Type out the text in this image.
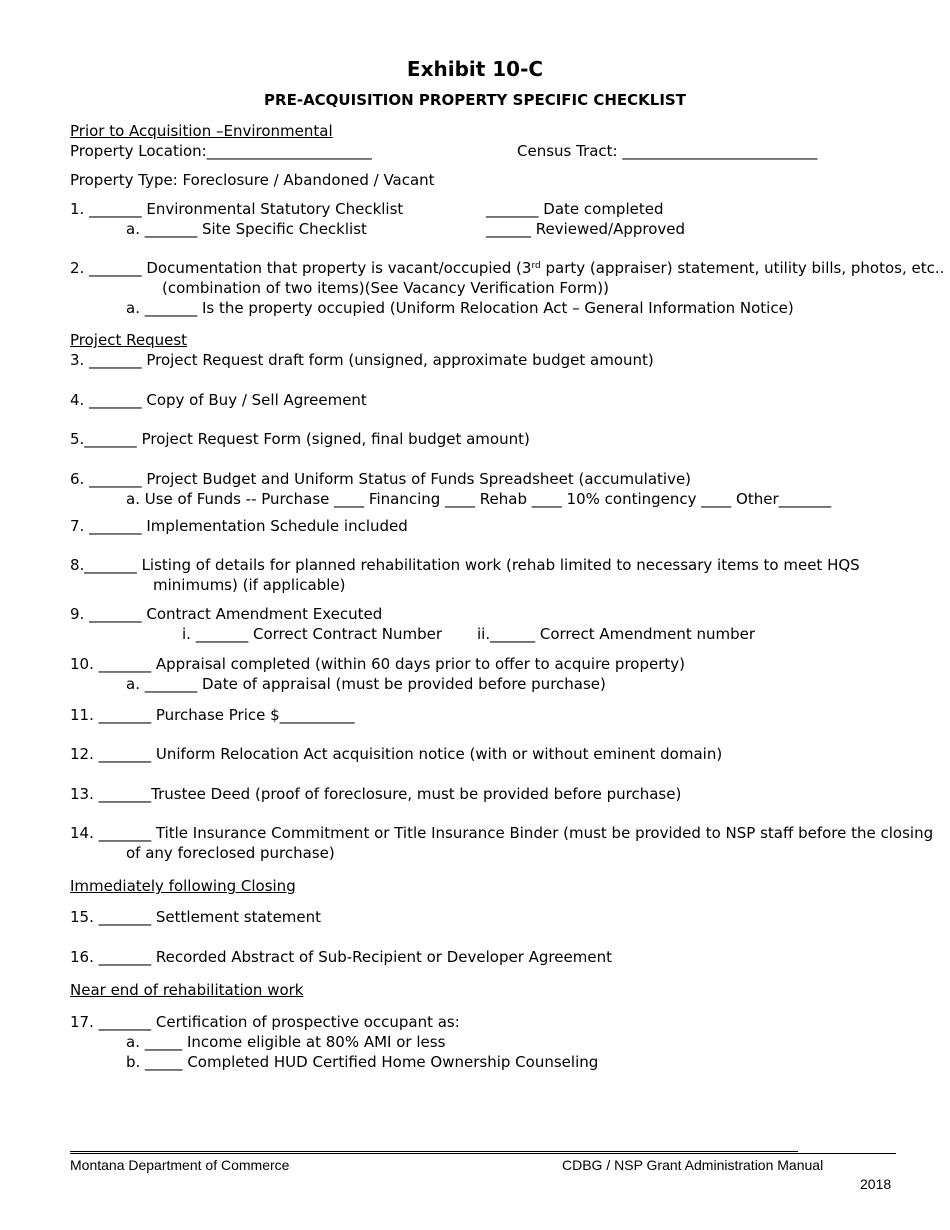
Exhibit 10-C
PRE-ACQUISITION PROPERTY SPECIFIC CHECKLIST
Prior to Acquisition –Environmental
Property Location:______________________	Census Tract: __________________________
Property Type: Foreclosure / Abandoned / Vacant
1. _______ Environmental Statutory Checklist	_______ Date completed
a. _______ Site Specific Checklist	______ Reviewed/Approved
2. _______ Documentation that property is vacant/occupied (3rd party (appraiser) statement, utility bills, photos, etc..
(combination of two items)(See Vacancy Verification Form))
a. _______ Is the property occupied (Uniform Relocation Act – General Information Notice)
Project Request
3. _______ Project Request draft form (unsigned, approximate budget amount)
4. _______ Copy of Buy / Sell Agreement
5._______ Project Request Form (signed, final budget amount)
6. _______ Project Budget and Uniform Status of Funds Spreadsheet (accumulative)
a. Use of Funds -- Purchase ____ Financing ____ Rehab ____ 10% contingency ____ Other_______
7. _______ Implementation Schedule included
8._______ Listing of details for planned rehabilitation work (rehab limited to necessary items to meet HQS
minimums) (if applicable)
9. _______ Contract Amendment Executed
i. _______ Correct Contract Number ii.______ Correct Amendment number
10. _______ Appraisal completed (within 60 days prior to offer to acquire property)
a. _______ Date of appraisal (must be provided before purchase)
11. _______ Purchase Price $__________
12. _______ Uniform Relocation Act acquisition notice (with or without eminent domain)
13. _______Trustee Deed (proof of foreclosure, must be provided before purchase)
14. _______ Title Insurance Commitment or Title Insurance Binder (must be provided to NSP staff before the closing
of any foreclosed purchase)
Immediately following Closing
15. _______ Settlement statement
16. _______ Recorded Abstract of Sub-Recipient or Developer Agreement
Near end of rehabilitation work
17. _______ Certification of prospective occupant as:
a. _____ Income eligible at 80% AMI or less
b. _____ Completed HUD Certified Home Ownership Counseling
Montana Department of Commerce	CDBG / NSP Grant Administration Manual
2018
